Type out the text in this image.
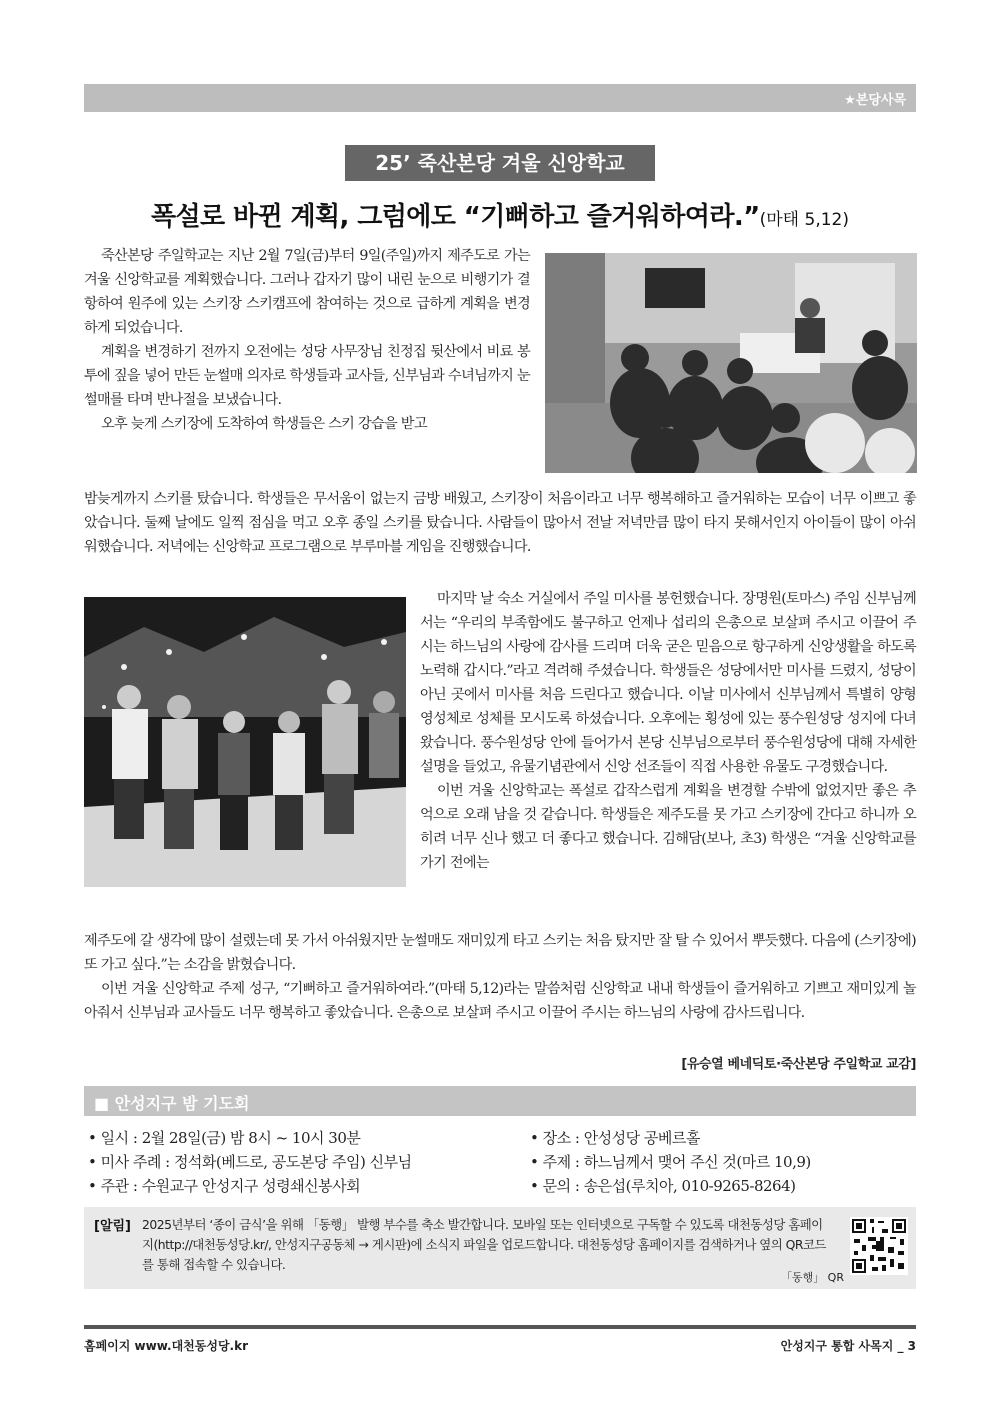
★본당사목
25’ 죽산본당 겨울 신앙학교
폭설로 바뀐 계획, 그럼에도 “기뻐하고 즐거워하여라.”(마태 5,12)

죽산본당 주일학교는 지난 2월 7일(금)부터 9일(주일)까지 제주도로 가는 겨울 신앙학교를 계획했습니다. 그러나 갑자기 많이 내린 눈으로 비행기가 결항하여 원주에 있는 스키장 스키캠프에 참여하는 것으로 급하게 계획을 변경하게 되었습니다.

계획을 변경하기 전까지 오전에는 성당 사무장님 친정집 뒷산에서 비료 봉투에 짚을 넣어 만든 눈썰매 의자로 학생들과 교사들, 신부님과 수녀님까지 눈썰매를 타며 반나절을 보냈습니다.

오후 늦게 스키장에 도착하여 학생들은 스키 강습을 받고

밤늦게까지 스키를 탔습니다. 학생들은 무서움이 없는지 금방 배웠고, 스키장이 처음이라고 너무 행복해하고 즐거워하는 모습이 너무 이쁘고 좋았습니다. 둘째 날에도 일찍 점심을 먹고 오후 종일 스키를 탔습니다. 사람들이 많아서 전날 저녁만큼 많이 타지 못해서인지 아이들이 많이 아쉬워했습니다. 저녁에는 신앙학교 프로그램으로 부루마블 게임을 진행했습니다.

마지막 날 숙소 거실에서 주일 미사를 봉헌했습니다. 장명원(토마스) 주임 신부님께서는 “우리의 부족함에도 불구하고 언제나 섭리의 은총으로 보살펴 주시고 이끌어 주시는 하느님의 사랑에 감사를 드리며 더욱 굳은 믿음으로 항구하게 신앙생활을 하도록 노력해 갑시다.”라고 격려해 주셨습니다. 학생들은 성당에서만 미사를 드렸지, 성당이 아닌 곳에서 미사를 처음 드린다고 했습니다. 이날 미사에서 신부님께서 특별히 양형 영성체로 성체를 모시도록 하셨습니다. 오후에는 횡성에 있는 풍수원성당 성지에 다녀왔습니다. 풍수원성당 안에 들어가서 본당 신부님으로부터 풍수원성당에 대해 자세한 설명을 들었고, 유물기념관에서 신앙 선조들이 직접 사용한 유물도 구경했습니다.

이번 겨울 신앙학교는 폭설로 갑작스럽게 계획을 변경할 수밖에 없었지만 좋은 추억으로 오래 남을 것 같습니다. 학생들은 제주도를 못 가고 스키장에 간다고 하니까 오히려 너무 신나 했고 더 좋다고 했습니다. 김해담(보나, 초3) 학생은 “겨울 신앙학교를 가기 전에는

제주도에 갈 생각에 많이 설렜는데 못 가서 아쉬웠지만 눈썰매도 재미있게 타고 스키는 처음 탔지만 잘 탈 수 있어서 뿌듯했다. 다음에 (스키장에) 또 가고 싶다.”는 소감을 밝혔습니다.

이번 겨울 신앙학교 주제 성구, “기뻐하고 즐거워하여라.”(마태 5,12)라는 말씀처럼 신앙학교 내내 학생들이 즐거워하고 기쁘고 재미있게 놀아줘서 신부님과 교사들도 너무 행복하고 좋았습니다. 은총으로 보살펴 주시고 이끌어 주시는 하느님의 사랑에 감사드립니다.

[유승열 베네딕토·죽산본당 주일학교 교감]
■ 안성지구 밤 기도회
• 일시 : 2월 28일(금) 밤 8시 ~ 10시 30분
• 미사 주례 : 정석화(베드로, 공도본당 주임) 신부님
• 주관 : 수원교구 안성지구 성령쇄신봉사회
• 장소 : 안성성당 공베르홀
• 주제 : 하느님께서 맺어 주신 것(마르 10,9)
• 문의 : 송은섭(루치아, 010-9265-8264)
[알림] 2025년부터 ‘종이 금식’을 위해 「동행」 발행 부수를 축소 발간합니다. 모바일 또는 인터넷으로 구독할 수 있도록 대천동성당 홈페이지(http://대천동성당.kr/, 안성지구공동체 → 게시판)에 소식지 파일을 업로드합니다. 대천동성당 홈페이지를 검색하거나 옆의 QR코드를 통해 접속할 수 있습니다.
「동행」 QR
홈페이지 www.대천동성당.kr	안성지구 통합 사목지 _ 3
